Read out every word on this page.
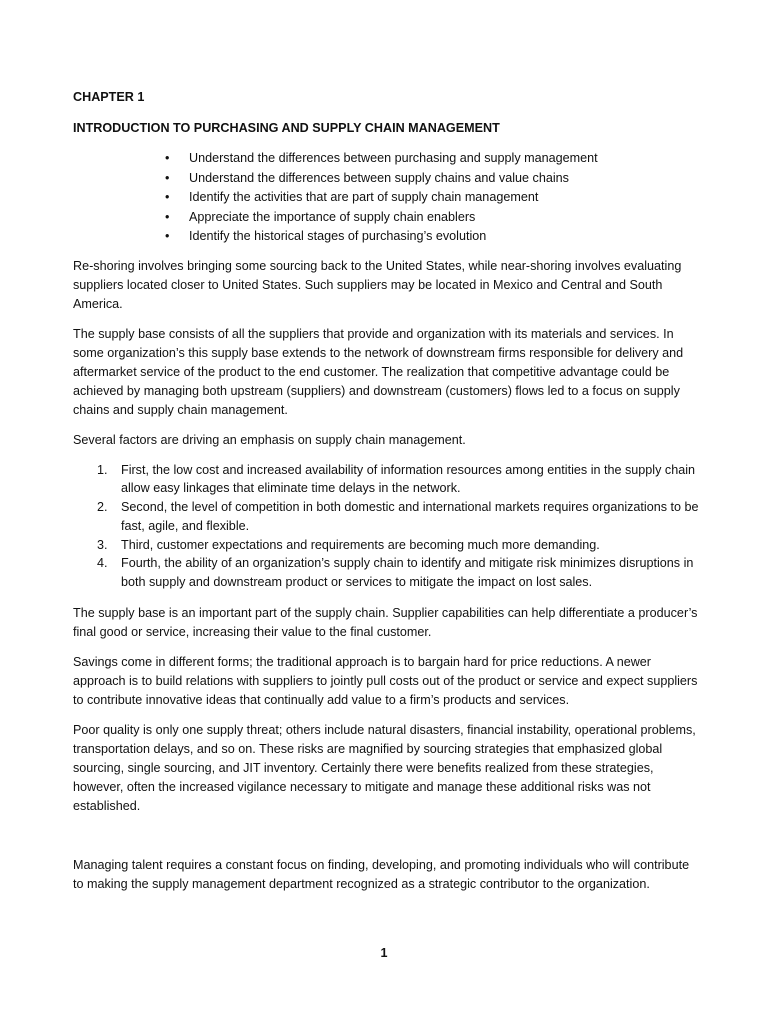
CHAPTER 1

INTRODUCTION TO PURCHASING AND SUPPLY CHAIN MANAGEMENT

• Understand the differences between purchasing and supply management
• Understand the differences between supply chains and value chains
• Identify the activities that are part of supply chain management
• Appreciate the importance of supply chain enablers
• Identify the historical stages of purchasing’s evolution

Re-shoring involves bringing some sourcing back to the United States, while near-shoring involves evaluating suppliers located closer to United States. Such suppliers may be located in Mexico and Central and South America.

The supply base consists of all the suppliers that provide and organization with its materials and services. In some organization’s this supply base extends to the network of downstream firms responsible for delivery and aftermarket service of the product to the end customer. The realization that competitive advantage could be achieved by managing both upstream (suppliers) and downstream (customers) flows led to a focus on supply chains and supply chain management.

Several factors are driving an emphasis on supply chain management.

1. First, the low cost and increased availability of information resources among entities in the supply chain allow easy linkages that eliminate time delays in the network.
2. Second, the level of competition in both domestic and international markets requires organizations to be fast, agile, and flexible.
3. Third, customer expectations and requirements are becoming much more demanding.
4. Fourth, the ability of an organization’s supply chain to identify and mitigate risk minimizes disruptions in both supply and downstream product or services to mitigate the impact on lost sales.

The supply base is an important part of the supply chain. Supplier capabilities can help differentiate a producer’s final good or service, increasing their value to the final customer.

Savings come in different forms; the traditional approach is to bargain hard for price reductions. A newer approach is to build relations with suppliers to jointly pull costs out of the product or service and expect suppliers to contribute innovative ideas that continually add value to a firm’s products and services.

Poor quality is only one supply threat; others include natural disasters, financial instability, operational problems, transportation delays, and so on. These risks are magnified by sourcing strategies that emphasized global sourcing, single sourcing, and JIT inventory. Certainly there were benefits realized from these strategies, however, often the increased vigilance necessary to mitigate and manage these additional risks was not established.

Managing talent requires a constant focus on finding, developing, and promoting individuals who will contribute to making the supply management department recognized as a strategic contributor to the organization.

1
